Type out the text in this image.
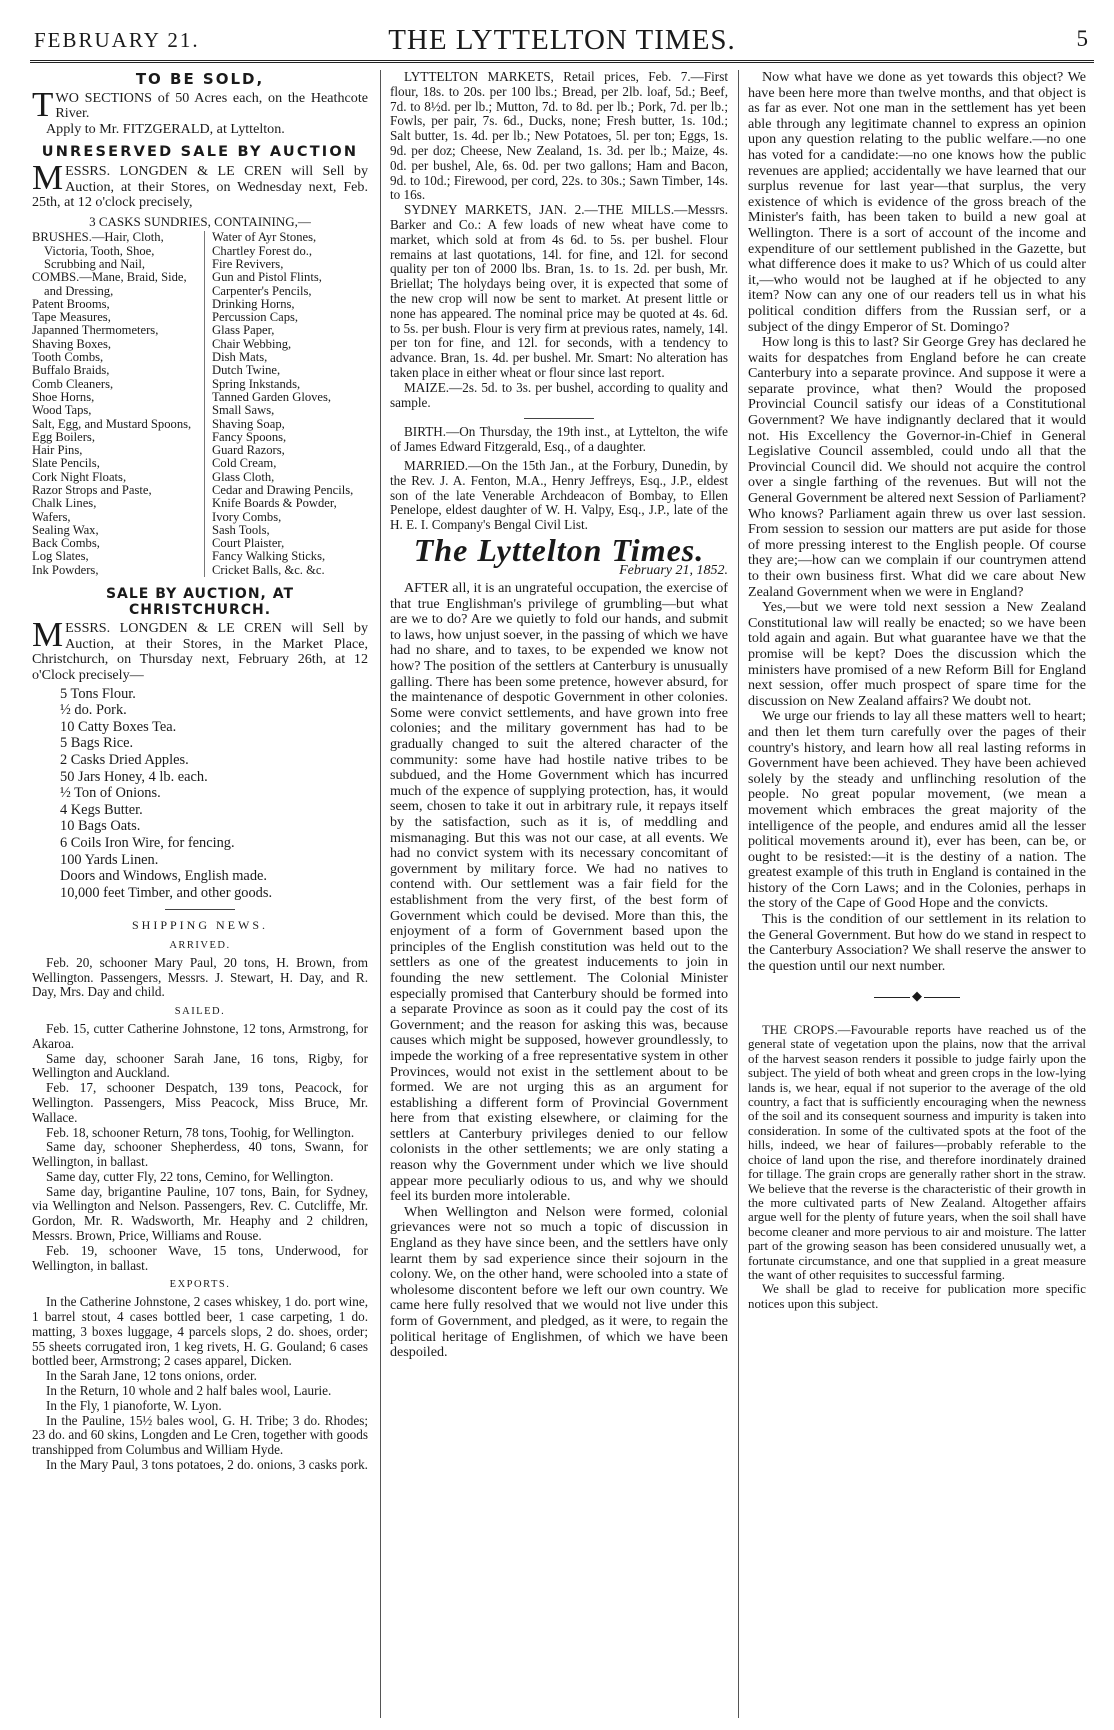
FEBRUARY 21.	THE LYTTELTON TIMES.	5
TO BE SOLD,

TWO SECTIONS of 50 Acres each, on the Heathcote River.

Apply to Mr. FITZGERALD, at Lyttelton.

UNRESERVED SALE BY AUCTION

MESSRS. LONGDEN & LE CREN will Sell by Auction, at their Stores, on Wednesday next, Feb. 25th, at 12 o'clock precisely,

3 CASKS SUNDRIES, CONTAINING,—
BRUSHES.—Hair, Cloth, Victoria, Tooth, Shoe, Scrubbing and Nail,
COMBS.—Mane, Braid, Side, and Dressing,
Patent Brooms,
Tape Measures,
Japanned Thermometers,
Shaving Boxes,
Tooth Combs,
Buffalo Braids,
Comb Cleaners,
Shoe Horns,
Wood Taps,
Salt, Egg, and Mustard Spoons,
Egg Boilers,
Hair Pins,
Slate Pencils,
Cork Night Floats,
Razor Strops and Paste,
Chalk Lines,
Wafers,
Sealing Wax,
Back Combs,
Log Slates,
Ink Powders,
Water of Ayr Stones,
Chartley Forest do.,
Fire Revivers,
Gun and Pistol Flints,
Carpenter's Pencils,
Drinking Horns,
Percussion Caps,
Glass Paper,
Chair Webbing,
Dish Mats,
Dutch Twine,
Spring Inkstands,
Tanned Garden Gloves,
Small Saws,
Shaving Soap,
Fancy Spoons,
Guard Razors,
Cold Cream,
Glass Cloth,
Cedar and Drawing Pencils,
Knife Boards & Powder,
Ivory Combs,
Sash Tools,
Court Plaister,
Fancy Walking Sticks,
Cricket Balls, &c. &c.
SALE BY AUCTION, AT CHRISTCHURCH.

MESSRS. LONGDEN & LE CREN will Sell by Auction, at their Stores, in the Market Place, Christchurch, on Thursday next, February 26th, at 12 o'Clock precisely—

5 Tons Flour.
½ do. Pork.
10 Catty Boxes Tea.
5 Bags Rice.
2 Casks Dried Apples.
50 Jars Honey, 4 lb. each.
½ Ton of Onions.
4 Kegs Butter.
10 Bags Oats.
6 Coils Iron Wire, for fencing.
100 Yards Linen.
Doors and Windows, English made.
10,000 feet Timber, and other goods.
SHIPPING NEWS.
ARRIVED.

Feb. 20, schooner Mary Paul, 20 tons, H. Brown, from Wellington. Passengers, Messrs. J. Stewart, H. Day, and R. Day, Mrs. Day and child.

SAILED.

Feb. 15, cutter Catherine Johnstone, 12 tons, Armstrong, for Akaroa.

Same day, schooner Sarah Jane, 16 tons, Rigby, for Wellington and Auckland.

Feb. 17, schooner Despatch, 139 tons, Peacock, for Wellington. Passengers, Miss Peacock, Miss Bruce, Mr. Wallace.

Feb. 18, schooner Return, 78 tons, Toohig, for Wellington.

Same day, schooner Shepherdess, 40 tons, Swann, for Wellington, in ballast.

Same day, cutter Fly, 22 tons, Cemino, for Wellington.

Same day, brigantine Pauline, 107 tons, Bain, for Sydney, via Wellington and Nelson. Passengers, Rev. C. Cutcliffe, Mr. Gordon, Mr. R. Wadsworth, Mr. Heaphy and 2 children, Messrs. Brown, Price, Williams and Rouse.

Feb. 19, schooner Wave, 15 tons, Underwood, for Wellington, in ballast.

EXPORTS.

In the Catherine Johnstone, 2 cases whiskey, 1 do. port wine, 1 barrel stout, 4 cases bottled beer, 1 case carpeting, 1 do. matting, 3 boxes luggage, 4 parcels slops, 2 do. shoes, order; 55 sheets corrugated iron, 1 keg rivets, H. G. Gouland; 6 cases bottled beer, Armstrong; 2 cases apparel, Dicken.

In the Sarah Jane, 12 tons onions, order.

In the Return, 10 whole and 2 half bales wool, Laurie.

In the Fly, 1 pianoforte, W. Lyon.

In the Pauline, 15½ bales wool, G. H. Tribe; 3 do. Rhodes; 23 do. and 60 skins, Longden and Le Cren, together with goods transhipped from Columbus and William Hyde.

In the Mary Paul, 3 tons potatoes, 2 do. onions, 3 casks pork.

LYTTELTON MARKETS, Retail prices, Feb. 7.—First flour, 18s. to 20s. per 100 lbs.; Bread, per 2lb. loaf, 5d.; Beef, 7d. to 8½d. per lb.; Mutton, 7d. to 8d. per lb.; Pork, 7d. per lb.; Fowls, per pair, 7s. 6d., Ducks, none; Fresh butter, 1s. 10d.; Salt butter, 1s. 4d. per lb.; New Potatoes, 5l. per ton; Eggs, 1s. 9d. per doz; Cheese, New Zealand, 1s. 3d. per lb.; Maize, 4s. 0d. per bushel, Ale, 6s. 0d. per two gallons; Ham and Bacon, 9d. to 10d.; Firewood, per cord, 22s. to 30s.; Sawn Timber, 14s. to 16s.

SYDNEY MARKETS, JAN. 2.—THE MILLS.—Messrs. Barker and Co.: A few loads of new wheat have come to market, which sold at from 4s 6d. to 5s. per bushel. Flour remains at last quotations, 14l. for fine, and 12l. for second quality per ton of 2000 lbs. Bran, 1s. to 1s. 2d. per bush, Mr. Briellat; The holydays being over, it is expected that some of the new crop will now be sent to market. At present little or none has appeared. The nominal price may be quoted at 4s. 6d. to 5s. per bush. Flour is very firm at previous rates, namely, 14l. per ton for fine, and 12l. for seconds, with a tendency to advance. Bran, 1s. 4d. per bushel. Mr. Smart: No alteration has taken place in either wheat or flour since last report.

MAIZE.—2s. 5d. to 3s. per bushel, according to quality and sample.

BIRTH.—On Thursday, the 19th inst., at Lyttelton, the wife of James Edward Fitzgerald, Esq., of a daughter.

MARRIED.—On the 15th Jan., at the Forbury, Dunedin, by the Rev. J. A. Fenton, M.A., Henry Jeffreys, Esq., J.P., eldest son of the late Venerable Archdeacon of Bombay, to Ellen Penelope, eldest daughter of W. H. Valpy, Esq., J.P., late of the H. E. I. Company's Bengal Civil List.

The Lyttelton Times.
February 21, 1852.

AFTER all, it is an ungrateful occupation, the exercise of that true Englishman's privilege of grumbling—but what are we to do? Are we quietly to fold our hands, and submit to laws, how unjust soever, in the passing of which we have had no share, and to taxes, to be expended we know not how? The position of the settlers at Canterbury is unusually galling. There has been some pretence, however absurd, for the maintenance of despotic Government in other colonies. Some were convict settlements, and have grown into free colonies; and the military government has had to be gradually changed to suit the altered character of the community: some have had hostile native tribes to be subdued, and the Home Government which has incurred much of the expence of supplying protection, has, it would seem, chosen to take it out in arbitrary rule, it repays itself by the satisfaction, such as it is, of meddling and mismanaging. But this was not our case, at all events. We had no convict system with its necessary concomitant of government by military force. We had no natives to contend with. Our settlement was a fair field for the establishment from the very first, of the best form of Government which could be devised. More than this, the enjoyment of a form of Government based upon the principles of the English constitution was held out to the settlers as one of the greatest inducements to join in founding the new settlement. The Colonial Minister especially promised that Canterbury should be formed into a separate Province as soon as it could pay the cost of its Government; and the reason for asking this was, because causes which might be supposed, however groundlessly, to impede the working of a free representative system in other Provinces, would not exist in the settlement about to be formed. We are not urging this as an argument for establishing a different form of Provincial Government here from that existing elsewhere, or claiming for the settlers at Canterbury privileges denied to our fellow colonists in the other settlements; we are only stating a reason why the Government under which we live should appear more peculiarly odious to us, and why we should feel its burden more intolerable.

When Wellington and Nelson were formed, colonial grievances were not so much a topic of discussion in England as they have since been, and the settlers have only learnt them by sad experience since their sojourn in the colony. We, on the other hand, were schooled into a state of wholesome discontent before we left our own country. We came here fully resolved that we would not live under this form of Government, and pledged, as it were, to regain the political heritage of Englishmen, of which we have been despoiled.

Now what have we done as yet towards this object? We have been here more than twelve months, and that object is as far as ever. Not one man in the settlement has yet been able through any legitimate channel to express an opinion upon any question relating to the public welfare.—no one has voted for a candidate:—no one knows how the public revenues are applied; accidentally we have learned that our surplus revenue for last year—that surplus, the very existence of which is evidence of the gross breach of the Minister's faith, has been taken to build a new goal at Wellington. There is a sort of account of the income and expenditure of our settlement published in the Gazette, but what difference does it make to us? Which of us could alter it,—who would not be laughed at if he objected to any item? Now can any one of our readers tell us in what his political condition differs from the Russian serf, or a subject of the dingy Emperor of St. Domingo?

How long is this to last? Sir George Grey has declared he waits for despatches from England before he can create Canterbury into a separate province. And suppose it were a separate province, what then? Would the proposed Provincial Council satisfy our ideas of a Constitutional Government? We have indignantly declared that it would not. His Excellency the Governor-in-Chief in General Legislative Council assembled, could undo all that the Provincial Council did. We should not acquire the control over a single farthing of the revenues. But will not the General Government be altered next Session of Parliament? Who knows? Parliament again threw us over last session. From session to session our matters are put aside for those of more pressing interest to the English people. Of course they are;—how can we complain if our countrymen attend to their own business first. What did we care about New Zealand Government when we were in England?

Yes,—but we were told next session a New Zealand Constitutional law will really be enacted; so we have been told again and again. But what guarantee have we that the promise will be kept? Does the discussion which the ministers have promised of a new Reform Bill for England next session, offer much prospect of spare time for the discussion on New Zealand affairs? We doubt not.

We urge our friends to lay all these matters well to heart; and then let them turn carefully over the pages of their country's history, and learn how all real lasting reforms in Government have been achieved. They have been achieved solely by the steady and unflinching resolution of the people. No great popular movement, (we mean a movement which embraces the great majority of the intelligence of the people, and endures amid all the lesser political movements around it), ever has been, can be, or ought to be resisted:—it is the destiny of a nation. The greatest example of this truth in England is contained in the history of the Corn Laws; and in the Colonies, perhaps in the story of the Cape of Good Hope and the convicts.

This is the condition of our settlement in its relation to the General Government. But how do we stand in respect to the Canterbury Association? We shall reserve the answer to the question until our next number.

◆

THE CROPS.—Favourable reports have reached us of the general state of vegetation upon the plains, now that the arrival of the harvest season renders it possible to judge fairly upon the subject. The yield of both wheat and green crops in the low-lying lands is, we hear, equal if not superior to the average of the old country, a fact that is sufficiently encouraging when the newness of the soil and its consequent sourness and impurity is taken into consideration. In some of the cultivated spots at the foot of the hills, indeed, we hear of failures—probably referable to the choice of land upon the rise, and therefore inordinately drained for tillage. The grain crops are generally rather short in the straw. We believe that the reverse is the characteristic of their growth in the more cultivated parts of New Zealand. Altogether affairs argue well for the plenty of future years, when the soil shall have become cleaner and more pervious to air and moisture. The latter part of the growing season has been considered unusually wet, a fortunate circumstance, and one that supplied in a great measure the want of other requisites to successful farming.

We shall be glad to receive for publication more specific notices upon this subject.
